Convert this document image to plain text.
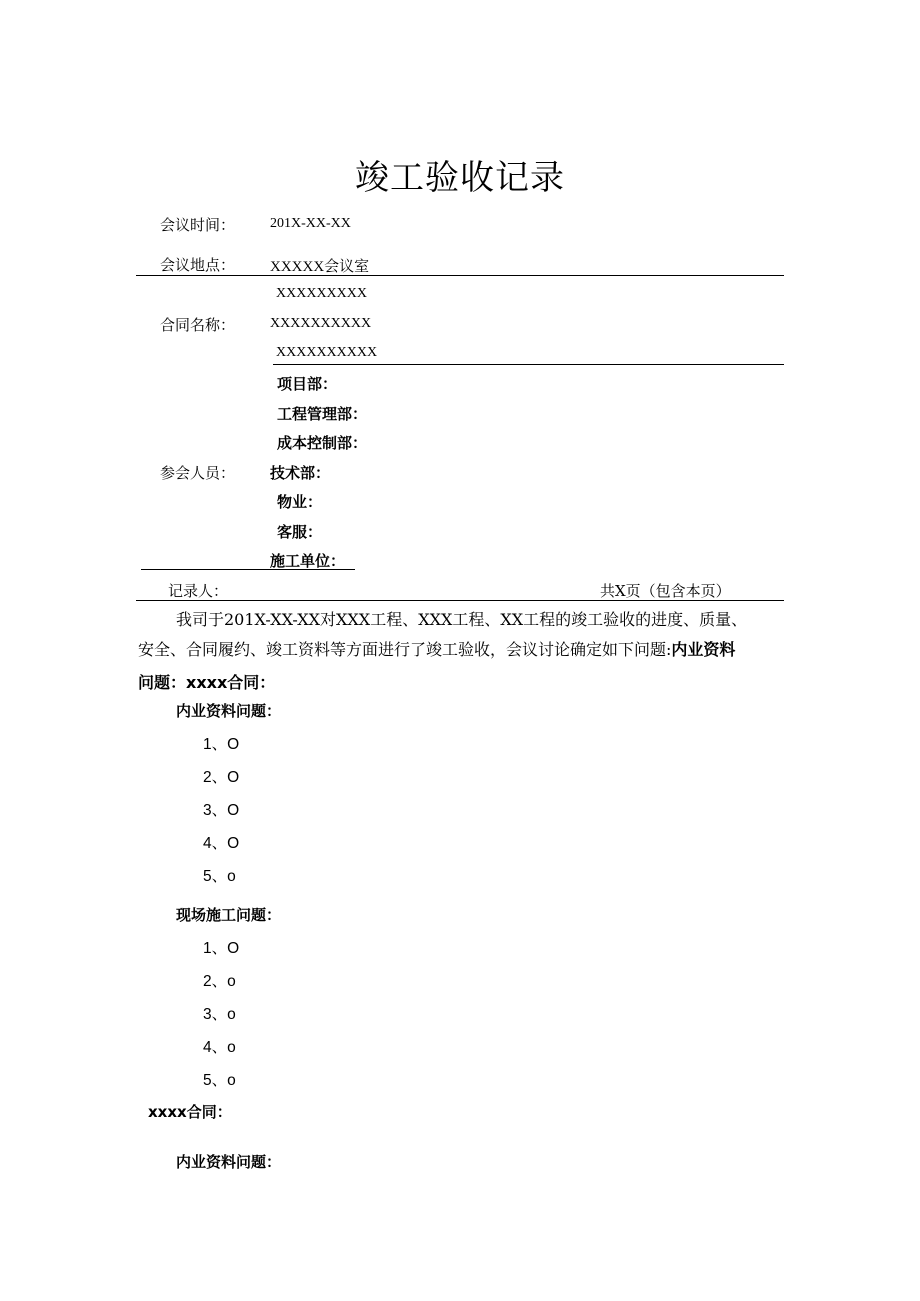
竣工验收记录
会议时间： 201X-XX-XX
会议地点： XXXXX会议室
XXXXXXXXX
合同名称： XXXXXXXXXX
XXXXXXXXXX
项目部：
工程管理部：
成本控制部：
参会人员： 技术部：
物业：
客服：
施工单位：
记录人：	共X页（包含本页）
我司于201X-XX-XX对XXX工程、XXX工程、XX工程的竣工验收的进度、质量、
安全、合同履约、竣工资料等方面进行了竣工验收，会议讨论确定如下问题:内业资料
问题：xxxx合同：
内业资料问题：
1、O
2、O
3、O
4、O
5、o
现场施工问题：
1、O
2、o
3、o
4、o
5、o
xxxx合同：
内业资料问题：
